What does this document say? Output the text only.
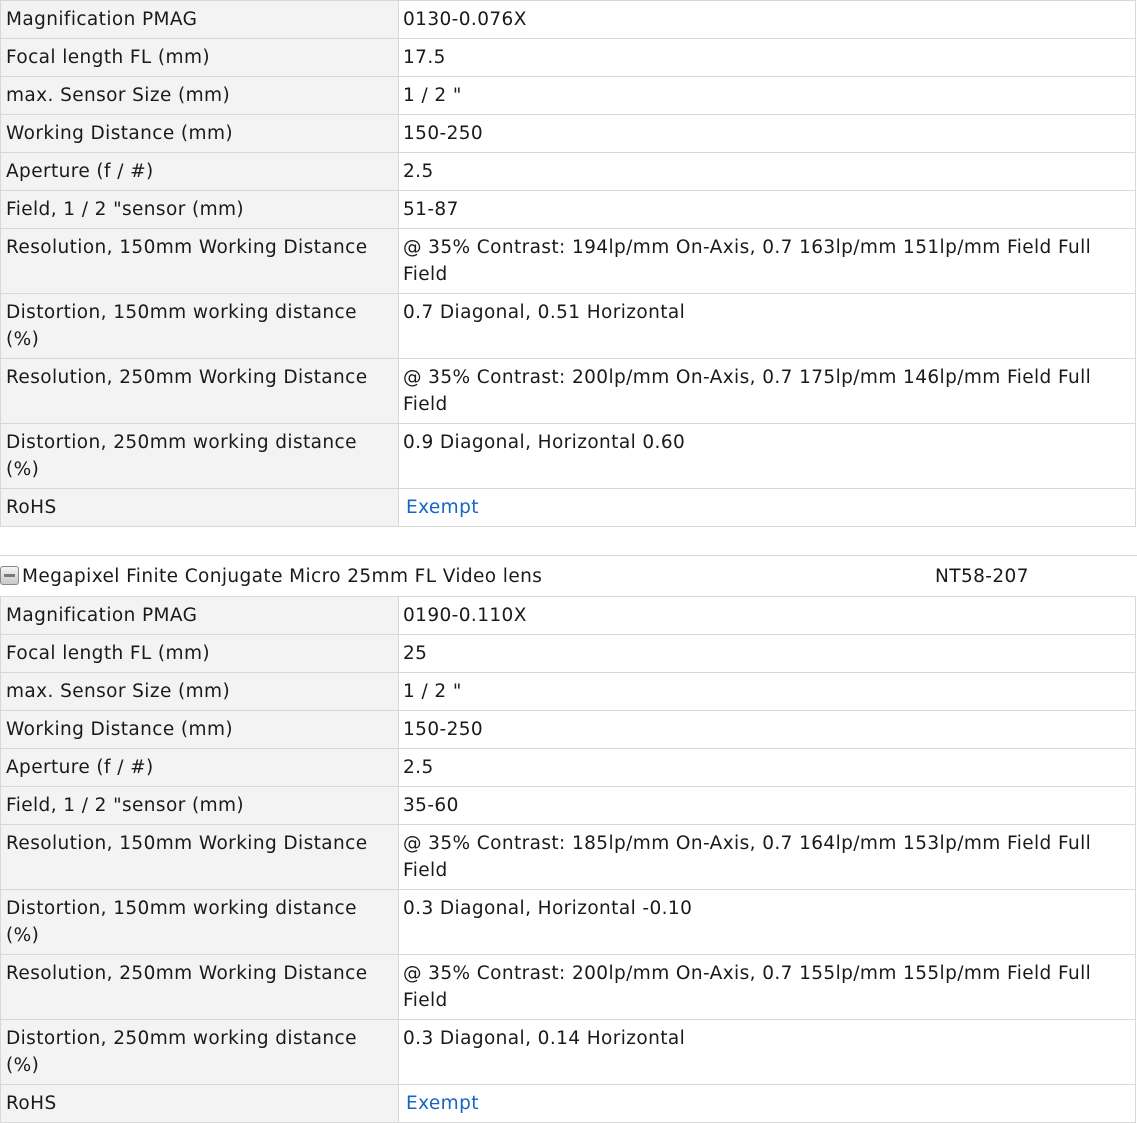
Magnification PMAG	0130-0.076X
Focal length FL (mm)	17.5
max. Sensor Size (mm)	1 / 2 "
Working Distance (mm)	150-250
Aperture (f / #)	2.5
Field, 1 / 2 "sensor (mm)	51-87
Resolution, 150mm Working Distance	@ 35% Contrast: 194lp/mm On-Axis, 0.7 163lp/mm 151lp/mm Field Full Field
Distortion, 150mm working distance (%)	0.7 Diagonal, 0.51 Horizontal
Resolution, 250mm Working Distance	@ 35% Contrast: 200lp/mm On-Axis, 0.7 175lp/mm 146lp/mm Field Full Field
Distortion, 250mm working distance (%)	0.9 Diagonal, Horizontal 0.60
RoHS	Exempt
Megapixel Finite Conjugate Micro 25mm FL Video lens	NT58-207
Magnification PMAG	0190-0.110X
Focal length FL (mm)	25
max. Sensor Size (mm)	1 / 2 "
Working Distance (mm)	150-250
Aperture (f / #)	2.5
Field, 1 / 2 "sensor (mm)	35-60
Resolution, 150mm Working Distance	@ 35% Contrast: 185lp/mm On-Axis, 0.7 164lp/mm 153lp/mm Field Full Field
Distortion, 150mm working distance (%)	0.3 Diagonal, Horizontal -0.10
Resolution, 250mm Working Distance	@ 35% Contrast: 200lp/mm On-Axis, 0.7 155lp/mm 155lp/mm Field Full Field
Distortion, 250mm working distance (%)	0.3 Diagonal, 0.14 Horizontal
RoHS	Exempt
